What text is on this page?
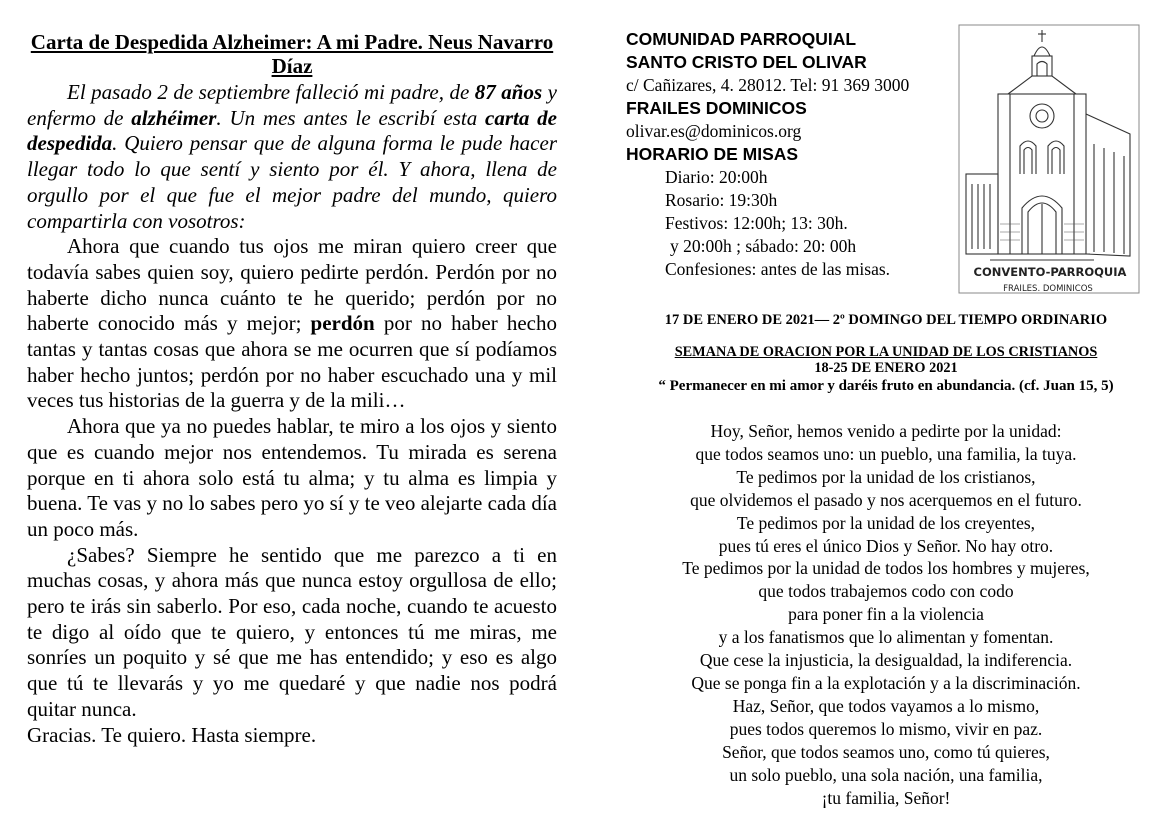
Carta de Despedida Alzheimer: A mi Padre. Neus Navarro Díaz

El pasado 2 de septiembre falleció mi padre, de 87 años y enfermo de alzhéimer. Un mes antes le escribí esta carta de despedida. Quiero pensar que de alguna forma le pude hacer llegar todo lo que sentí y siento por él. Y ahora, llena de orgullo por el que fue el mejor padre del mundo, quiero compartirla con vosotros:

Ahora que cuando tus ojos me miran quiero creer que todavía sabes quien soy, quiero pedirte perdón. Perdón por no haberte dicho nunca cuánto te he querido; perdón por no haberte conocido más y mejor; perdón por no haber hecho tantas y tantas cosas que ahora se me ocurren que sí podíamos haber hecho juntos; perdón por no haber escuchado una y mil veces tus historias de la guerra y de la mili…

Ahora que ya no puedes hablar, te miro a los ojos y siento que es cuando mejor nos entendemos. Tu mirada es serena porque en ti ahora solo está tu alma; y tu alma es limpia y buena. Te vas y no lo sabes pero yo sí y te veo alejarte cada día un poco más.

¿Sabes? Siempre he sentido que me parezco a ti en muchas cosas, y ahora más que nunca estoy orgullosa de ello; pero te irás sin saberlo. Por eso, cada noche, cuando te acuesto te digo al oído que te quiero, y entonces tú me miras, me sonríes un poquito y sé que me has entendido; y eso es algo que tú te llevarás y yo me quedaré y que nadie nos podrá quitar nunca.

Gracias. Te quiero. Hasta siempre.

COMUNIDAD PARROQUIAL
SANTO CRISTO DEL OLIVAR
c/ Cañizares, 4. 28012. Tel: 91 369 3000
FRAILES DOMINICOS
olivar.es@dominicos.org
HORARIO DE MISAS
Diario: 20:00h
Rosario: 19:30h
Festivos: 12:00h; 13: 30h.
y 20:00h ; sábado: 20: 00h
Confesiones: antes de las misas.	CONVENTO-PARROQUIA
FRAILES. DOMINICOS
17 DE ENERO DE 2021— 2º DOMINGO DEL TIEMPO ORDINARIO
SEMANA DE ORACION POR LA UNIDAD DE LOS CRISTIANOS
18-25 DE ENERO 2021
“ Permanecer en mi amor y daréis fruto en abundancia. (cf. Juan 15, 5)
Hoy, Señor, hemos venido a pedirte por la unidad:
que todos seamos uno: un pueblo, una familia, la tuya.
Te pedimos por la unidad de los cristianos,
que olvidemos el pasado y nos acerquemos en el futuro.
Te pedimos por la unidad de los creyentes,
pues tú eres el único Dios y Señor. No hay otro.
Te pedimos por la unidad de todos los hombres y mujeres,
que todos trabajemos codo con codo
para poner fin a la violencia
y a los fanatismos que lo alimentan y fomentan.
Que cese la injusticia, la desigualdad, la indiferencia.
Que se ponga fin a la explotación y a la discriminación.
Haz, Señor, que todos vayamos a lo mismo,
pues todos queremos lo mismo, vivir en paz.
Señor, que todos seamos uno, como tú quieres,
un solo pueblo, una sola nación, una familia,
¡tu familia, Señor!
